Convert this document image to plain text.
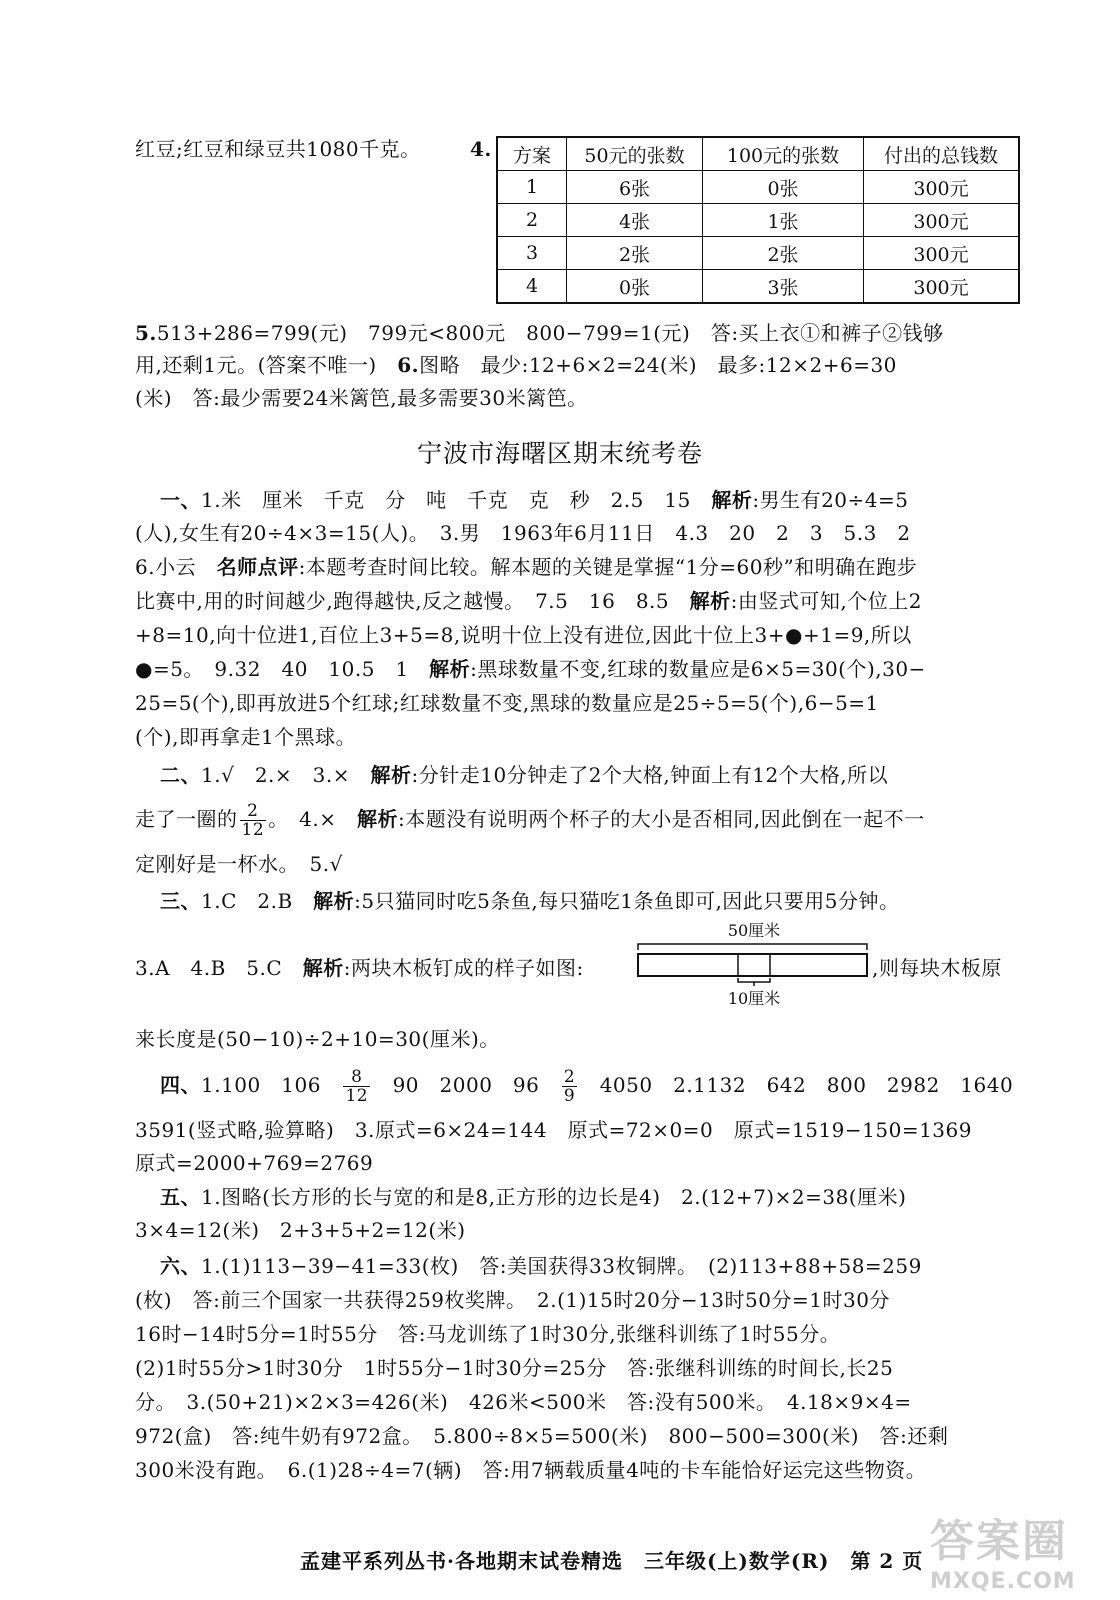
红豆;红豆和绿豆共1080千克。 4. 方案	50元的张数	100元的张数	付出的总钱数
1	6张	0张	300元
2	4张	1张	300元
3	2张	2张	300元
4	0张	3张	300元
5.513+286=799(元)　799元<800元　800−799=1(元)　答:买上衣①和裤子②钱够
用,还剩1元。(答案不唯一)　6.图略　最少:12+6×2=24(米)　最多:12×2+6=30
(米)　答:最少需要24米篱笆,最多需要30米篱笆。
宁波市海曙区期末统考卷
一、1.米　厘米　千克　分　吨　千克　克　秒　2.5　15　解析:男生有20÷4=5
(人),女生有20÷4×3=15(人)。　3.男　1963年6月11日　4.3　20　2　3　5.3　2
6.小云　名师点评:本题考查时间比较。解本题的关键是掌握“1分=60秒”和明确在跑步
比赛中,用的时间越少,跑得越快,反之越慢。　7.5　16　8.5　解析:由竖式可知,个位上2
+8=10,向十位进1,百位上3+5=8,说明十位上没有进位,因此十位上3+●+1=9,所以
●=5。　9.32　40　10.5　1　解析:黑球数量不变,红球的数量应是6×5=30(个),30−
25=5(个),即再放进5个红球;红球数量不变,黑球的数量应是25÷5=5(个),6−5=1
(个),即再拿走1个黑球。
二、1.√　2.×　3.×　解析:分针走10分钟走了2个大格,钟面上有12个大格,所以
走了一圈的 $\frac{2}{12}$ 。　4.×　解析:本题没有说明两个杯子的大小是否相同,因此倒在一起不一
定刚好是一杯水。　5.√
三、1.C　2.B　解析:5只猫同时吃5条鱼,每只猫吃1条鱼即可,因此只要用5分钟。
3.A　4.B　5.C　解析:两块木板钉成的样子如图:	,则每块木板原
50厘米
10厘米
来长度是(50−10)÷2+10=30(厘米)。
四、1.100　106　 $\frac{8}{12}$ 　90　2000　96　 $\frac{2}{9}$ 　4050　2.1132　642　800　2982　1640
3591(竖式略,验算略)　3.原式=6×24=144　原式=72×0=0　原式=1519−150=1369
原式=2000+769=2769
五、1.图略(长方形的长与宽的和是8,正方形的边长是4)　2.(12+7)×2=38(厘米)
3×4=12(米)　2+3+5+2=12(米)
六、1.(1)113−39−41=33(枚)　答:美国获得33枚铜牌。　(2)113+88+58=259
(枚)　答:前三个国家一共获得259枚奖牌。　2.(1)15时20分−13时50分=1时30分
16时−14时5分=1时55分　答:马龙训练了1时30分,张继科训练了1时55分。
(2)1时55分>1时30分　1时55分−1时30分=25分　答:张继科训练的时间长,长25
分。　3.(50+21)×2×3=426(米)　426米<500米　答:没有500米。　4.18×9×4=
972(盒)　答:纯牛奶有972盒。　5.800÷8×5=500(米)　800−500=300(米)　答:还剩
300米没有跑。　6.(1)28÷4=7(辆)　答:用7辆载质量4吨的卡车能恰好运完这些物资。
孟建平系列丛书·各地期末试卷精选　三年级(上)数学(R)　第 2 页 答案圈
MXQE.COM
